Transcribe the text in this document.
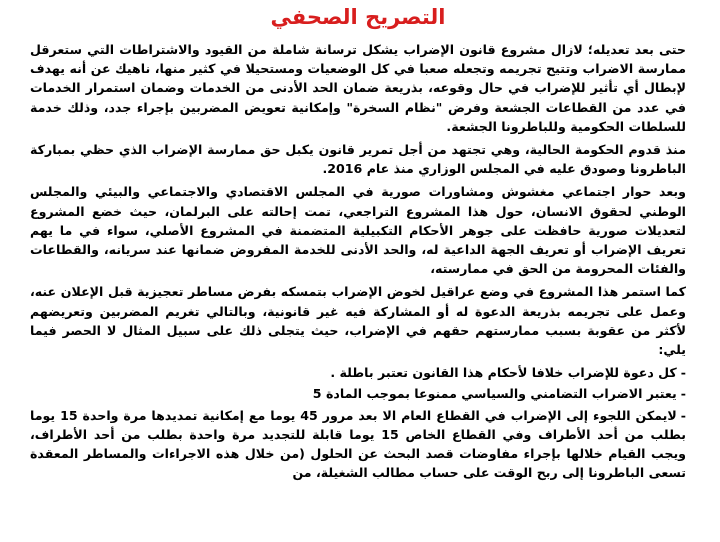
التصريح الصحفي

حتى بعد تعديله؛ لازال مشروع قانون الإضراب يشكل ترسانة شاملة من القيود والاشتراطات التي ستعرقل ممارسة الاضراب وتتيح تجريمه وتجعله صعبا في كل الوضعيات ومستحيلا في كثير منها، ناهيك عن أنه يهدف لإبطال أي تأثير للإضراب في حال وقوعه، بذريعة ضمان الحد الأدنى من الخدمات وضمان استمرار الخدمات في عدد من القطاعات الجشعة وفرض "نظام السخرة" وإمكانية تعويض المضربين بإجراء جدد، وذلك خدمة للسلطات الحكومية وللباطرونا الجشعة.

منذ قدوم الحكومة الحالية، وهي تجتهد من أجل تمرير قانون يكبل حق ممارسة الإضراب الذي حظي بمباركة الباطرونا وصودق عليه في المجلس الوزاري منذ عام 2016.

وبعد حوار اجتماعي مغشوش ومشاورات صورية في المجلس الاقتصادي والاجتماعي والبيئي والمجلس الوطني لحقوق الانسان، حول هذا المشروع التراجعي، تمت إحالته على البرلمان، حيث خضع المشروع لتعديلات صورية حافظت على جوهر الأحكام التكبيلية المتضمنة في المشروع الأصلي، سواء في ما يهم تعريف الإضراب أو تعريف الجهة الداعية له، والحد الأدنى للخدمة المفروض ضمانها عند سريانه، والقطاعات والفئات المحرومة من الحق في ممارسته،

كما استمر هذا المشروع في وضع عراقيل لخوض الإضراب بتمسكه بفرض مساطر تعجيزية قبل الإعلان عنه، وعمل على تجريمه بذريعة الدعوة له أو المشاركة فيه غير قانونية، وبالتالي تغريم المضربين وتعريضهم لأكثر من عقوبة بسبب ممارستهم حقهم في الإضراب، حيث يتجلى ذلك على سبيل المثال لا الحصر فيما يلي:

-كل دعوة للإضراب خلافا لأحكام هذا القانون تعتبر باطلة .
-يعتبر الاضراب التضامني والسياسي ممنوعا بموجب المادة 5
-لايمكن اللجوء إلى الإضراب في القطاع العام الا بعد مرور 45 يوما مع إمكانية تمديدها مرة واحدة 15 يوما بطلب من أحد الأطراف وفي القطاع الخاص 15 يوما قابلة للتجديد مرة واحدة بطلب من أحد الأطراف، ويجب القيام خلالها بإجراء مفاوضات قصد البحث عن الحلول (من خلال هذه الاجراءات والمساطر المعقدة تسعى الباطرونا إلى ربح الوقت على حساب مطالب الشغيلة، من
